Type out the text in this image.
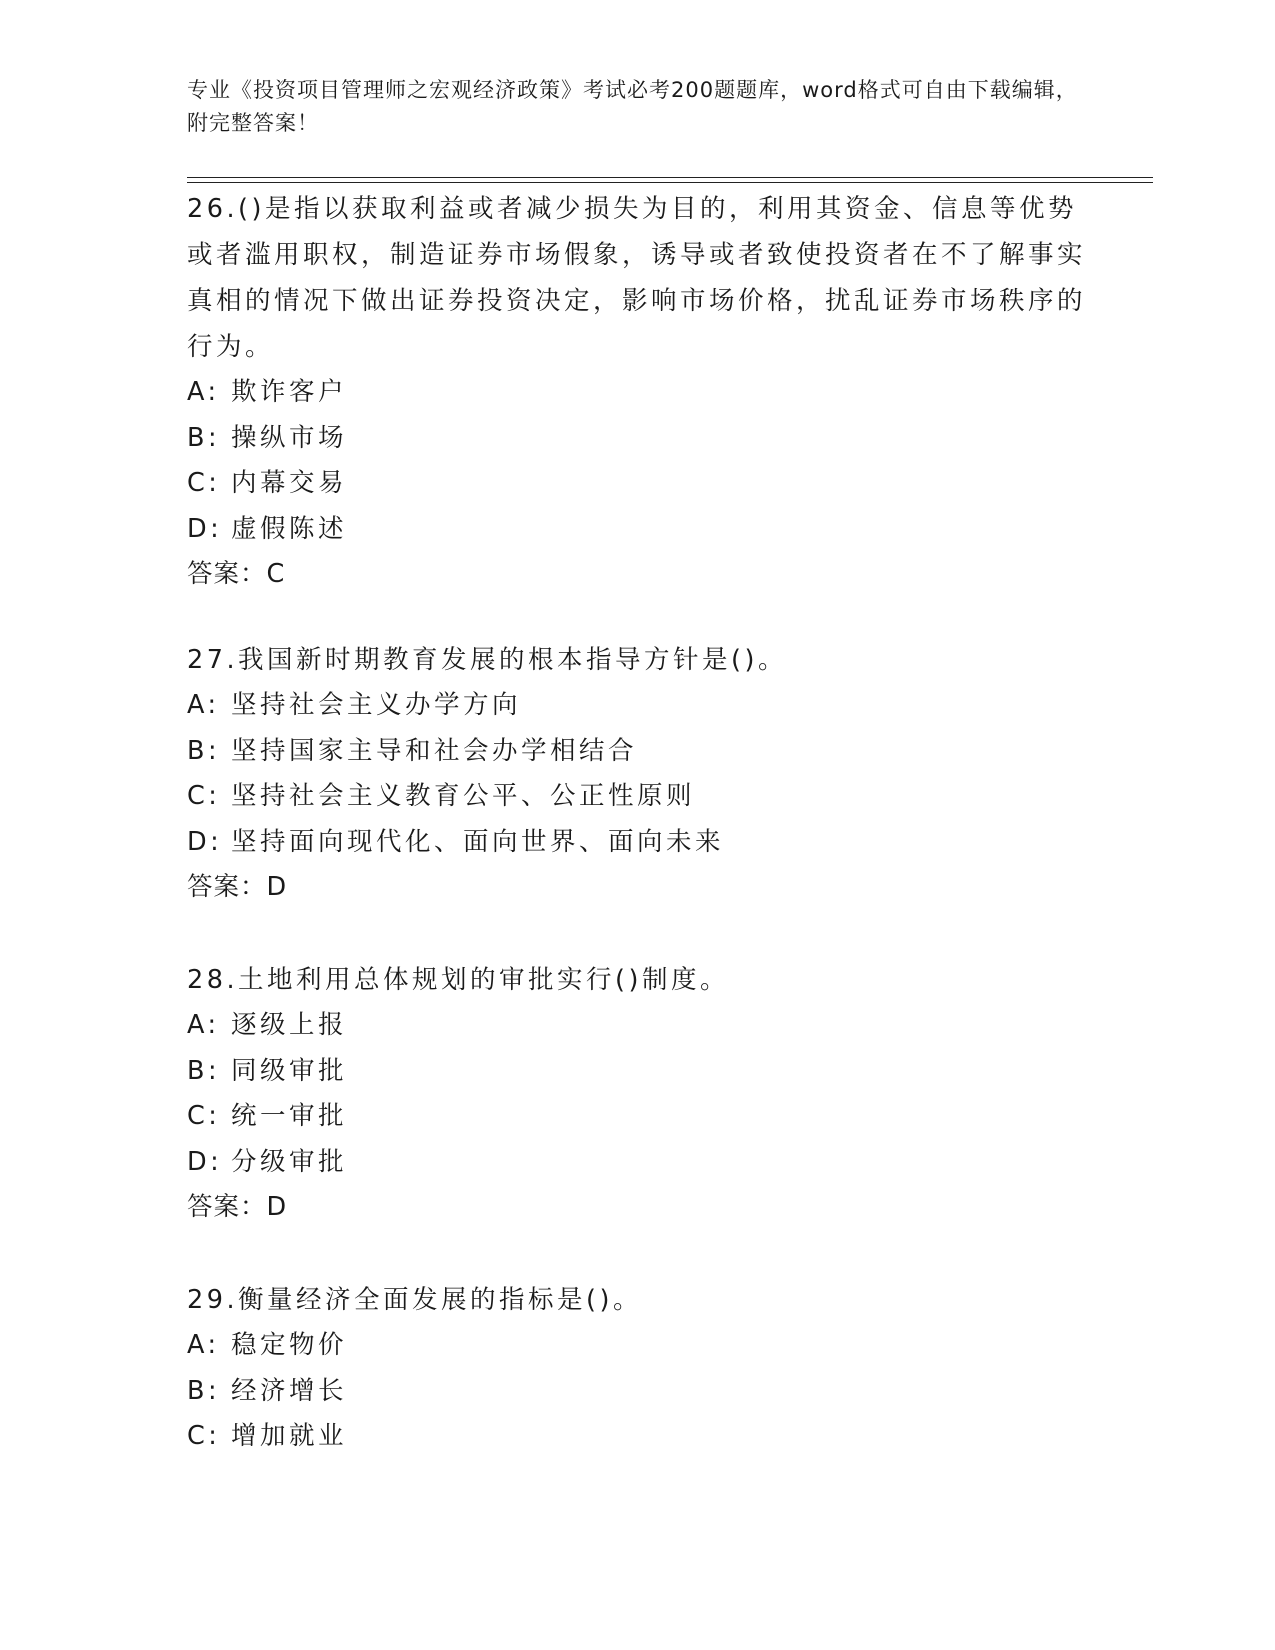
专业《投资项目管理师之宏观经济政策》考试必考200题题库，word格式可自由下载编辑，附完整答案！

26.()是指以获取利益或者减少损失为目的，利用其资金、信息等优势或者滥用职权，制造证券市场假象，诱导或者致使投资者在不了解事实真相的情况下做出证券投资决定，影响市场价格，扰乱证券市场秩序的行为。

A: 欺诈客户

B: 操纵市场

C: 内幕交易

D: 虚假陈述

答案：C

27.我国新时期教育发展的根本指导方针是()。

A: 坚持社会主义办学方向

B: 坚持国家主导和社会办学相结合

C: 坚持社会主义教育公平、公正性原则

D: 坚持面向现代化、面向世界、面向未来

答案：D

28.土地利用总体规划的审批实行()制度。

A: 逐级上报

B: 同级审批

C: 统一审批

D: 分级审批

答案：D

29.衡量经济全面发展的指标是()。

A: 稳定物价

B: 经济增长

C: 增加就业
